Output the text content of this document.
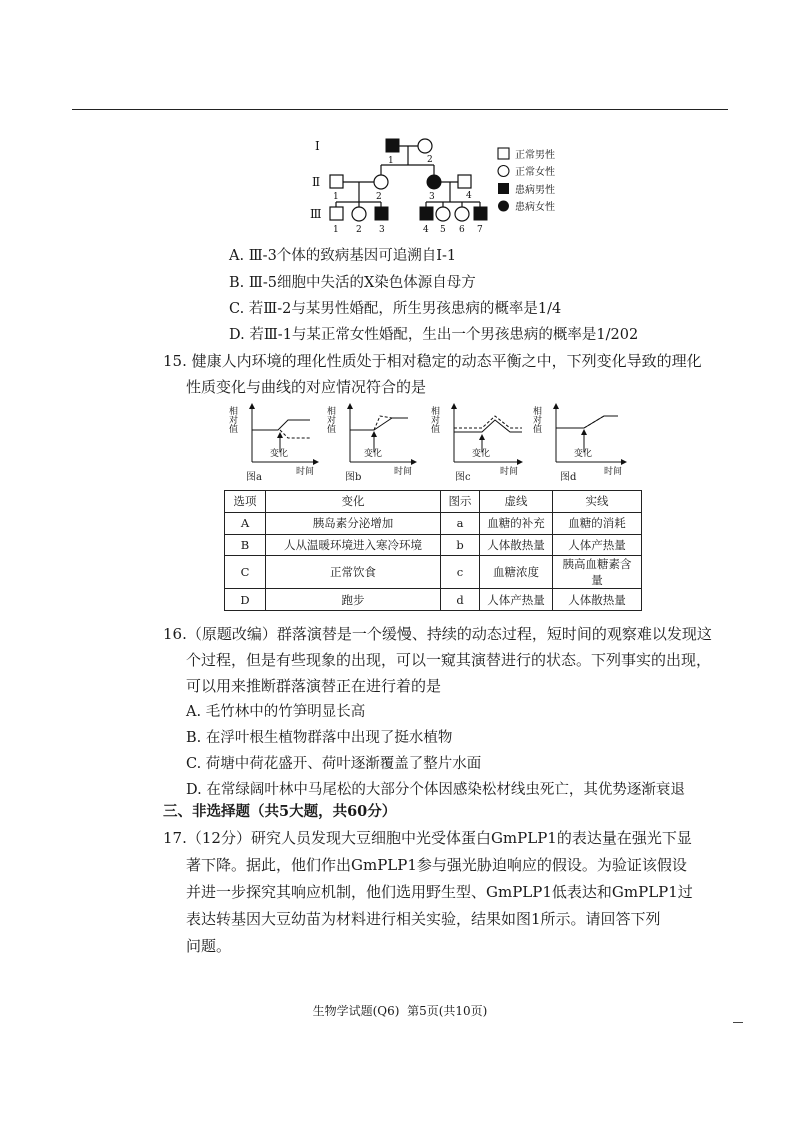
I
Ⅱ
Ⅲ
1	2
1	2	3	4
1 2 3	4 5 6 7
正常男性
正常女性
患病男性
患病女性
A. Ⅲ-3个体的致病基因可追溯自Ⅰ-1
B. Ⅲ-5细胞中失活的X染色体源自母方
C. 若Ⅲ-2与某男性婚配，所生男孩患病的概率是1/4
D. 若Ⅲ-1与某正常女性婚配，生出一个男孩患病的概率是1/202
15. 健康人内环境的理化性质处于相对稳定的动态平衡之中，下列变化导致的理化
性质变化与曲线的对应情况符合的是
相对值
变化
时间
相对值
变化
时间
相对值
变化
时间
相对值
变化
时间
图a	图b	图c	图d
选项	变化	图示	虚线	实线
A	胰岛素分泌增加	a	血糖的补充	血糖的消耗
B	人从温暖环境进入寒冷环境	b	人体散热量	人体产热量
C	正常饮食	c	血糖浓度	胰高血糖素含量
D	跑步	d	人体产热量	人体散热量
16.（原题改编）群落演替是一个缓慢、持续的动态过程，短时间的观察难以发现这
个过程，但是有些现象的出现，可以一窥其演替进行的状态。下列事实的出现，
可以用来推断群落演替正在进行着的是
A. 毛竹林中的竹笋明显长高
B. 在浮叶根生植物群落中出现了挺水植物
C. 荷塘中荷花盛开、荷叶逐渐覆盖了整片水面
D. 在常绿阔叶林中马尾松的大部分个体因感染松材线虫死亡，其优势逐渐衰退
三、非选择题（共5大题，共60分）
17.（12分）研究人员发现大豆细胞中光受体蛋白GmPLP1的表达量在强光下显
著下降。据此，他们作出GmPLP1参与强光胁迫响应的假设。为验证该假设
并进一步探究其响应机制，他们选用野生型、GmPLP1低表达和GmPLP1过
表达转基因大豆幼苗为材料进行相关实验，结果如图1所示。请回答下列
问题。
生物学试题(Q6)  第5页(共10页)
